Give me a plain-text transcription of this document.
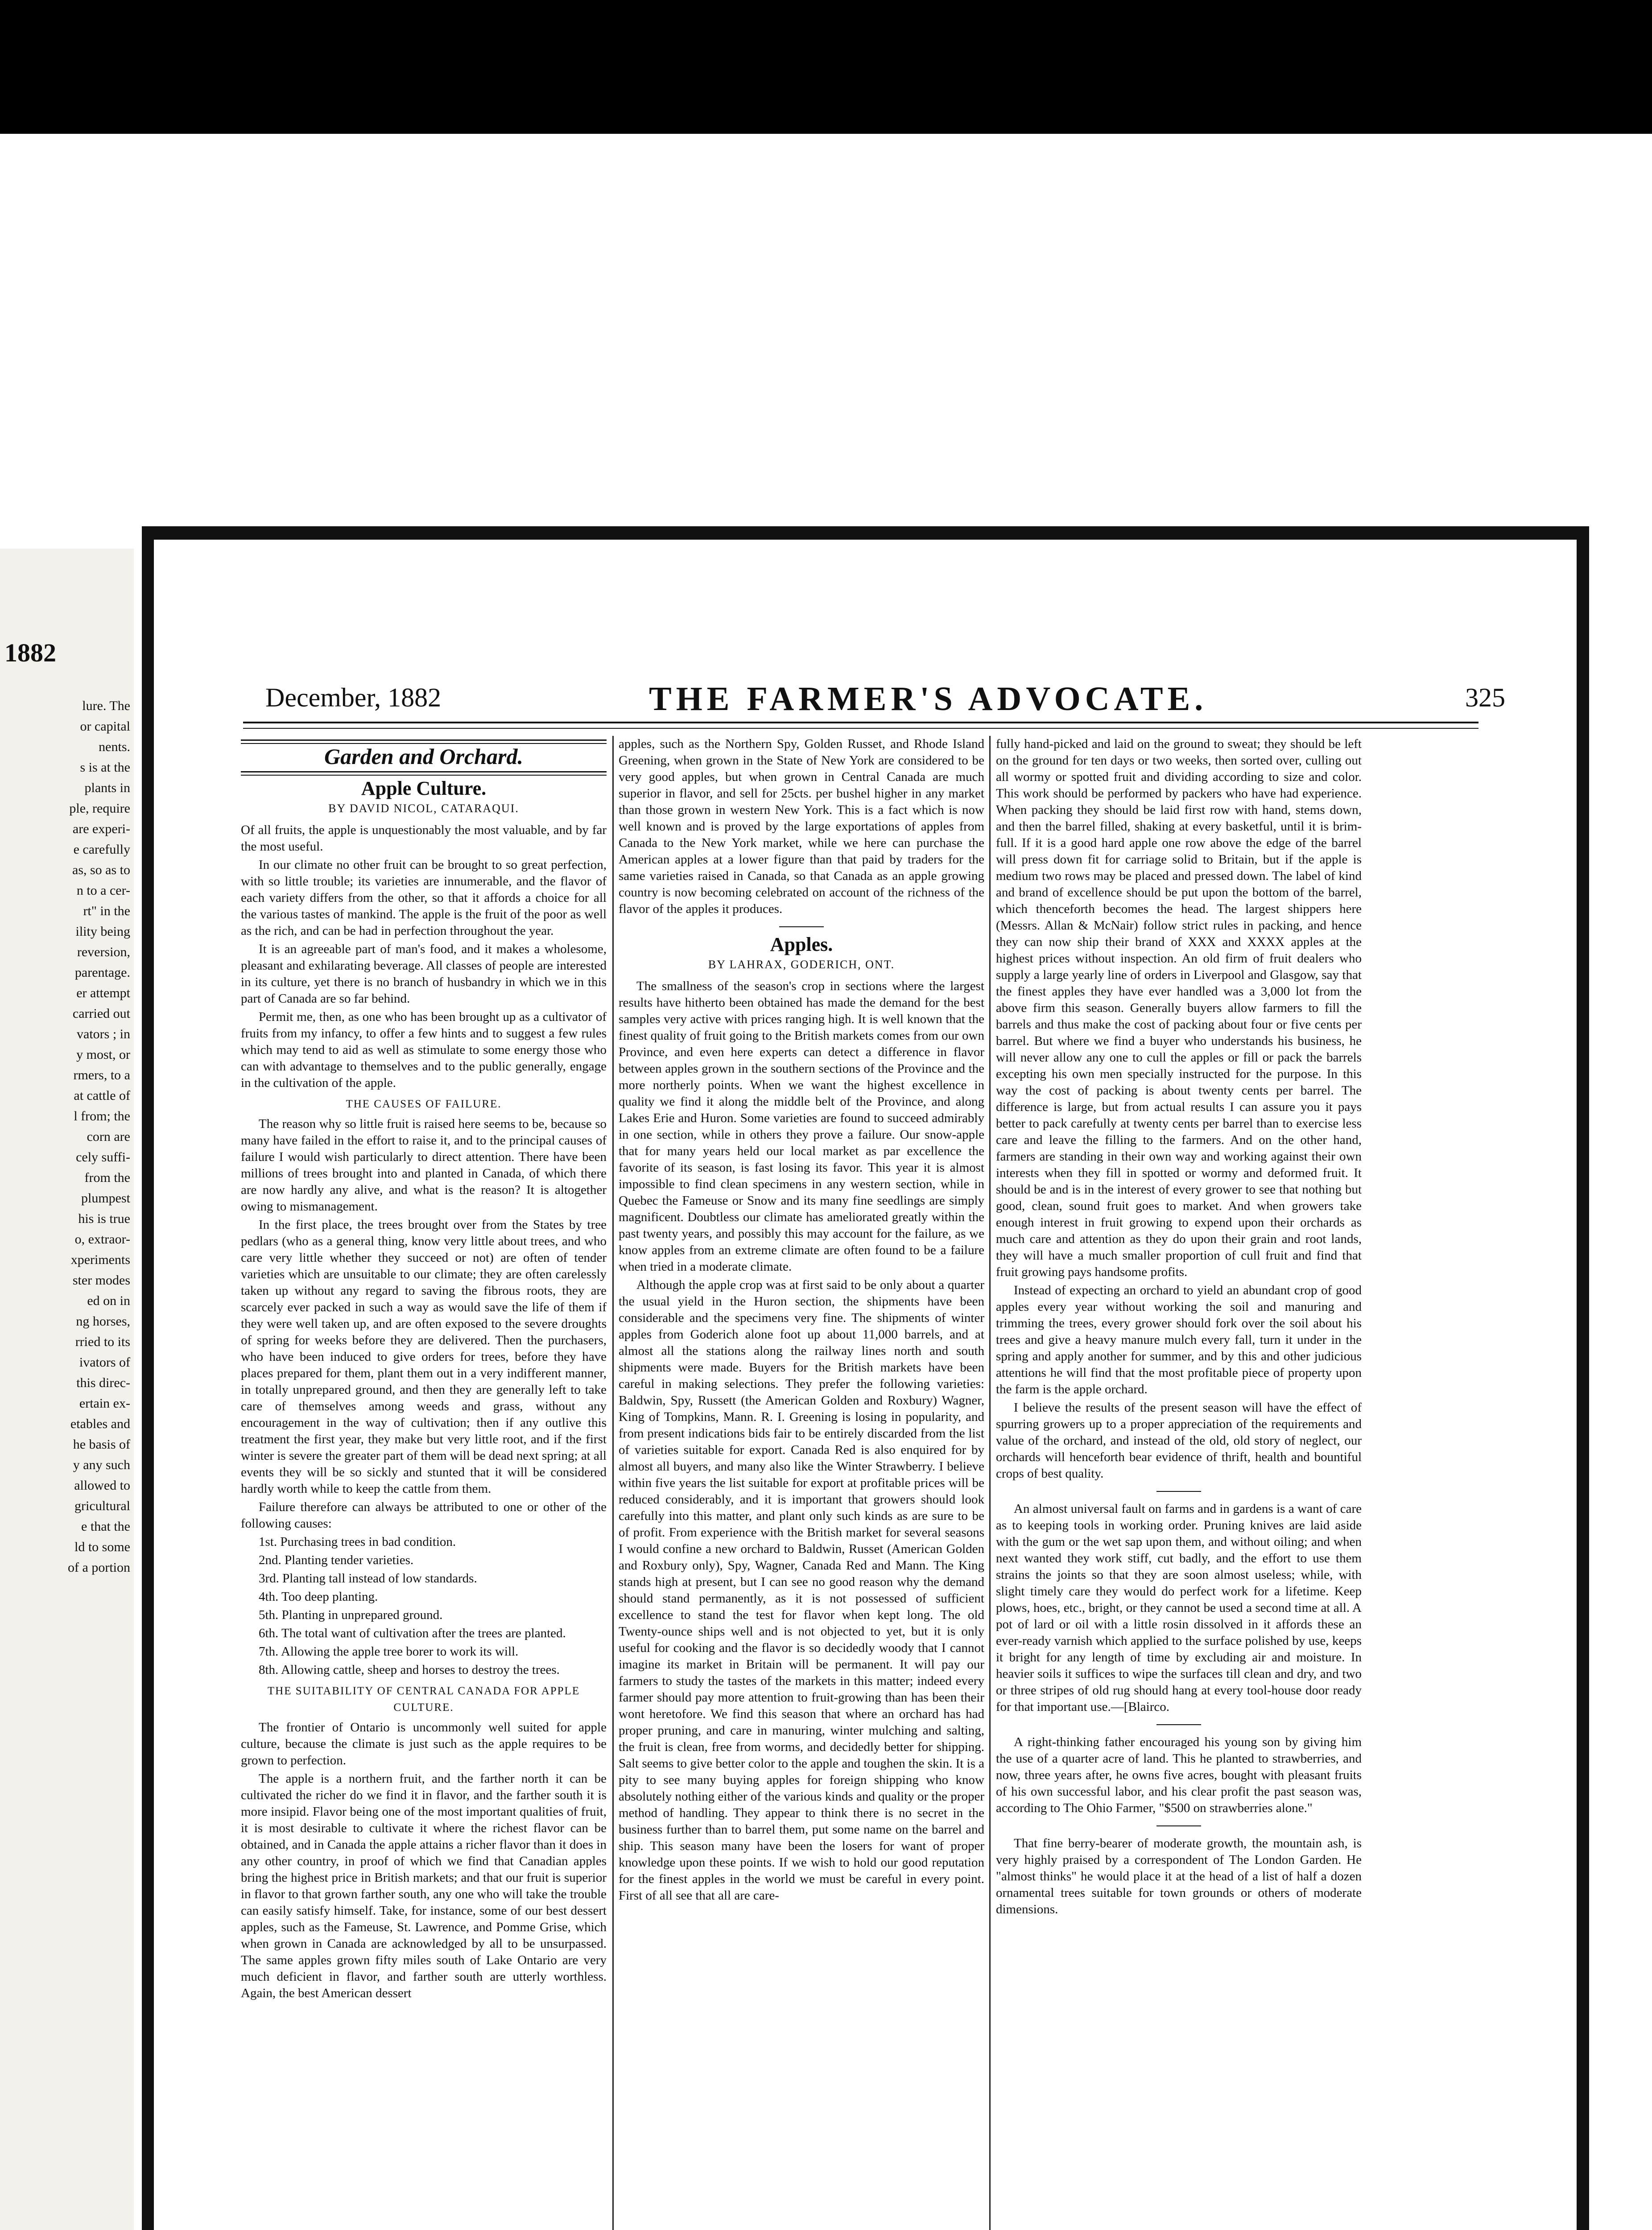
1882
lure. The
or capital
nents.
s is at the
plants in
ple, require
are experi-
e carefully
as, so as to
n to a cer-
rt" in the
ility being
reversion,
parentage.
er attempt
carried out
vators ; in
y most, or
rmers, to a
at cattle of
l from; the
corn are
cely suffi-
from the
plumpest
his is true
o, extraor-
xperiments
ster modes
ed on in
ng horses,
rried to its
ivators of
this direc-
ertain ex-
etables and
he basis of
y any such
allowed to
gricultural
e that the
ld to some
of a portion
December, 1882	THE FARMER'S ADVOCATE.	325
Garden and Orchard.
Apple Culture.
BY DAVID NICOL, CATARAQUI.

Of all fruits, the apple is unquestionably the most valuable, and by far the most useful.

In our climate no other fruit can be brought to so great perfection, with so little trouble; its varieties are innumerable, and the flavor of each variety differs from the other, so that it affords a choice for all the various tastes of mankind. The apple is the fruit of the poor as well as the rich, and can be had in perfection throughout the year.

It is an agreeable part of man's food, and it makes a wholesome, pleasant and exhilarating beverage. All classes of people are interested in its culture, yet there is no branch of husbandry in which we in this part of Canada are so far behind.

Permit me, then, as one who has been brought up as a cultivator of fruits from my infancy, to offer a few hints and to suggest a few rules which may tend to aid as well as stimulate to some energy those who can with advantage to themselves and to the public generally, engage in the cultivation of the apple.

THE CAUSES OF FAILURE.

The reason why so little fruit is raised here seems to be, because so many have failed in the effort to raise it, and to the principal causes of failure I would wish particularly to direct attention. There have been millions of trees brought into and planted in Canada, of which there are now hardly any alive, and what is the reason? It is altogether owing to mismanagement.

In the first place, the trees brought over from the States by tree pedlars (who as a general thing, know very little about trees, and who care very little whether they succeed or not) are often of tender varieties which are unsuitable to our climate; they are often carelessly taken up without any regard to saving the fibrous roots, they are scarcely ever packed in such a way as would save the life of them if they were well taken up, and are often exposed to the severe droughts of spring for weeks before they are delivered. Then the purchasers, who have been induced to give orders for trees, before they have places prepared for them, plant them out in a very indifferent manner, in totally unprepared ground, and then they are generally left to take care of themselves among weeds and grass, without any encouragement in the way of cultivation; then if any outlive this treatment the first year, they make but very little root, and if the first winter is severe the greater part of them will be dead next spring; at all events they will be so sickly and stunted that it will be considered hardly worth while to keep the cattle from them.

Failure therefore can always be attributed to one or other of the following causes:

1st. Purchasing trees in bad condition.

2nd. Planting tender varieties.

3rd. Planting tall instead of low standards.

4th. Too deep planting.

5th. Planting in unprepared ground.

6th. The total want of cultivation after the trees are planted.

7th. Allowing the apple tree borer to work its will.

8th. Allowing cattle, sheep and horses to destroy the trees.

THE SUITABILITY OF CENTRAL CANADA FOR APPLE CULTURE.

The frontier of Ontario is uncommonly well suited for apple culture, because the climate is just such as the apple requires to be grown to perfection.

The apple is a northern fruit, and the farther north it can be cultivated the richer do we find it in flavor, and the farther south it is more insipid. Flavor being one of the most important qualities of fruit, it is most desirable to cultivate it where the richest flavor can be obtained, and in Canada the apple attains a richer flavor than it does in any other country, in proof of which we find that Canadian apples bring the highest price in British markets; and that our fruit is superior in flavor to that grown farther south, any one who will take the trouble can easily satisfy himself. Take, for instance, some of our best dessert apples, such as the Fameuse, St. Lawrence, and Pomme Grise, which when grown in Canada are acknowledged by all to be unsurpassed. The same apples grown fifty miles south of Lake Ontario are very much deficient in flavor, and farther south are utterly worthless. Again, the best American dessert

apples, such as the Northern Spy, Golden Russet, and Rhode Island Greening, when grown in the State of New York are considered to be very good apples, but when grown in Central Canada are much superior in flavor, and sell for 25cts. per bushel higher in any market than those grown in western New York. This is a fact which is now well known and is proved by the large exportations of apples from Canada to the New York market, while we here can purchase the American apples at a lower figure than that paid by traders for the same varieties raised in Canada, so that Canada as an apple growing country is now becoming celebrated on account of the richness of the flavor of the apples it produces.

Apples.
BY LAHRAX, GODERICH, ONT.

The smallness of the season's crop in sections where the largest results have hitherto been obtained has made the demand for the best samples very active with prices ranging high. It is well known that the finest quality of fruit going to the British markets comes from our own Province, and even here experts can detect a difference in flavor between apples grown in the southern sections of the Province and the more northerly points. When we want the highest excellence in quality we find it along the middle belt of the Province, and along Lakes Erie and Huron. Some varieties are found to succeed admirably in one section, while in others they prove a failure. Our snow-apple that for many years held our local market as par excellence the favorite of its season, is fast losing its favor. This year it is almost impossible to find clean specimens in any western section, while in Quebec the Fameuse or Snow and its many fine seedlings are simply magnificent. Doubtless our climate has ameliorated greatly within the past twenty years, and possibly this may account for the failure, as we know apples from an extreme climate are often found to be a failure when tried in a moderate climate.

Although the apple crop was at first said to be only about a quarter the usual yield in the Huron section, the shipments have been considerable and the specimens very fine. The shipments of winter apples from Goderich alone foot up about 11,000 barrels, and at almost all the stations along the railway lines north and south shipments were made. Buyers for the British markets have been careful in making selections. They prefer the following varieties: Baldwin, Spy, Russett (the American Golden and Roxbury) Wagner, King of Tompkins, Mann. R. I. Greening is losing in popularity, and from present indications bids fair to be entirely discarded from the list of varieties suitable for export. Canada Red is also enquired for by almost all buyers, and many also like the Winter Strawberry. I believe within five years the list suitable for export at profitable prices will be reduced considerably, and it is important that growers should look carefully into this matter, and plant only such kinds as are sure to be of profit. From experience with the British market for several seasons I would confine a new orchard to Baldwin, Russet (American Golden and Roxbury only), Spy, Wagner, Canada Red and Mann. The King stands high at present, but I can see no good reason why the demand should stand permanently, as it is not possessed of sufficient excellence to stand the test for flavor when kept long. The old Twenty-ounce ships well and is not objected to yet, but it is only useful for cooking and the flavor is so decidedly woody that I cannot imagine its market in Britain will be permanent. It will pay our farmers to study the tastes of the markets in this matter; indeed every farmer should pay more attention to fruit-growing than has been their wont heretofore. We find this season that where an orchard has had proper pruning, and care in manuring, winter mulching and salting, the fruit is clean, free from worms, and decidedly better for shipping. Salt seems to give better color to the apple and toughen the skin. It is a pity to see many buying apples for foreign shipping who know absolutely nothing either of the various kinds and quality or the proper method of handling. They appear to think there is no secret in the business further than to barrel them, put some name on the barrel and ship. This season many have been the losers for want of proper knowledge upon these points. If we wish to hold our good reputation for the finest apples in the world we must be careful in every point. First of all see that all are care-

fully hand-picked and laid on the ground to sweat; they should be left on the ground for ten days or two weeks, then sorted over, culling out all wormy or spotted fruit and dividing according to size and color. This work should be performed by packers who have had experience. When packing they should be laid first row with hand, stems down, and then the barrel filled, shaking at every basketful, until it is brim-full. If it is a good hard apple one row above the edge of the barrel will press down fit for carriage solid to Britain, but if the apple is medium two rows may be placed and pressed down. The label of kind and brand of excellence should be put upon the bottom of the barrel, which thenceforth becomes the head. The largest shippers here (Messrs. Allan & McNair) follow strict rules in packing, and hence they can now ship their brand of XXX and XXXX apples at the highest prices without inspection. An old firm of fruit dealers who supply a large yearly line of orders in Liverpool and Glasgow, say that the finest apples they have ever handled was a 3,000 lot from the above firm this season. Generally buyers allow farmers to fill the barrels and thus make the cost of packing about four or five cents per barrel. But where we find a buyer who understands his business, he will never allow any one to cull the apples or fill or pack the barrels excepting his own men specially instructed for the purpose. In this way the cost of packing is about twenty cents per barrel. The difference is large, but from actual results I can assure you it pays better to pack carefully at twenty cents per barrel than to exercise less care and leave the filling to the farmers. And on the other hand, farmers are standing in their own way and working against their own interests when they fill in spotted or wormy and deformed fruit. It should be and is in the interest of every grower to see that nothing but good, clean, sound fruit goes to market. And when growers take enough interest in fruit growing to expend upon their orchards as much care and attention as they do upon their grain and root lands, they will have a much smaller proportion of cull fruit and find that fruit growing pays handsome profits.

Instead of expecting an orchard to yield an abundant crop of good apples every year without working the soil and manuring and trimming the trees, every grower should fork over the soil about his trees and give a heavy manure mulch every fall, turn it under in the spring and apply another for summer, and by this and other judicious attentions he will find that the most profitable piece of property upon the farm is the apple orchard.

I believe the results of the present season will have the effect of spurring growers up to a proper appreciation of the requirements and value of the orchard, and instead of the old, old story of neglect, our orchards will henceforth bear evidence of thrift, health and bountiful crops of best quality.

An almost universal fault on farms and in gardens is a want of care as to keeping tools in working order. Pruning knives are laid aside with the gum or the wet sap upon them, and without oiling; and when next wanted they work stiff, cut badly, and the effort to use them strains the joints so that they are soon almost useless; while, with slight timely care they would do perfect work for a lifetime. Keep plows, hoes, etc., bright, or they cannot be used a second time at all. A pot of lard or oil with a little rosin dissolved in it affords these an ever-ready varnish which applied to the surface polished by use, keeps it bright for any length of time by excluding air and moisture. In heavier soils it suffices to wipe the surfaces till clean and dry, and two or three stripes of old rug should hang at every tool-house door ready for that important use.—[Blairco.

A right-thinking father encouraged his young son by giving him the use of a quarter acre of land. This he planted to strawberries, and now, three years after, he owns five acres, bought with pleasant fruits of his own successful labor, and his clear profit the past season was, according to The Ohio Farmer, "$500 on strawberries alone."

That fine berry-bearer of moderate growth, the mountain ash, is very highly praised by a correspondent of The London Garden. He "almost thinks" he would place it at the head of a list of half a dozen ornamental trees suitable for town grounds or others of moderate dimensions.
